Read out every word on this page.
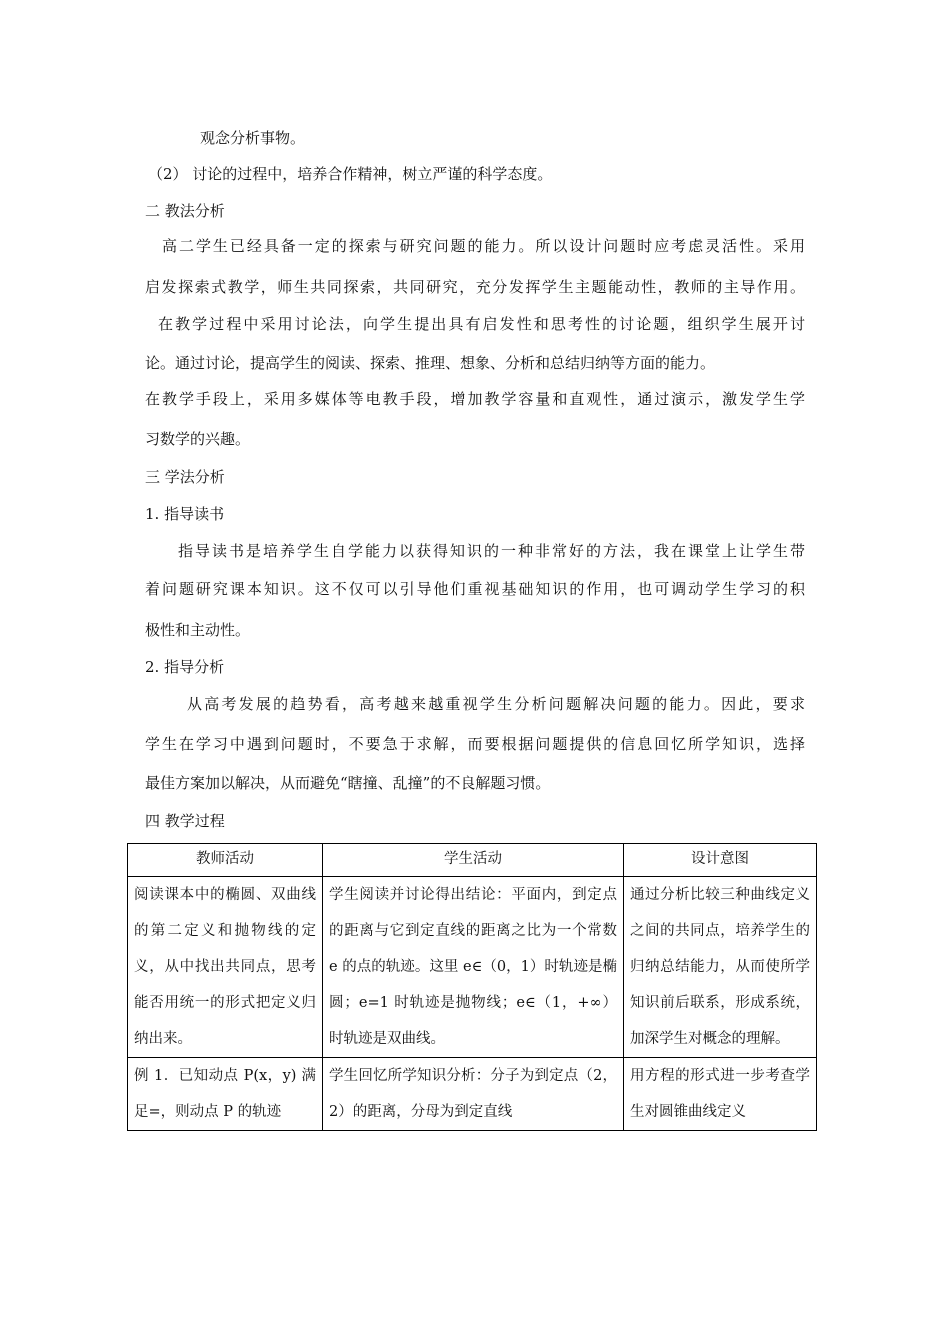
观念分析事物。
（2） 讨论的过程中，培养合作精神，树立严谨的科学态度。
二 教法分析
高二学生已经具备一定的探索与研究问题的能力。所以设计问题时应考虑灵活性。采用
启发探索式教学，师生共同探索，共同研究，充分发挥学生主题能动性，教师的主导作用。
在教学过程中采用讨论法，向学生提出具有启发性和思考性的讨论题，组织学生展开讨
论。通过讨论，提高学生的阅读、探索、推理、想象、分析和总结归纳等方面的能力。
在教学手段上，采用多媒体等电教手段，增加教学容量和直观性，通过演示，激发学生学
习数学的兴趣。
三 学法分析
1. 指导读书
指导读书是培养学生自学能力以获得知识的一种非常好的方法，我在课堂上让学生带
着问题研究课本知识。这不仅可以引导他们重视基础知识的作用，也可调动学生学习的积
极性和主动性。
2. 指导分析
从高考发展的趋势看，高考越来越重视学生分析问题解决问题的能力。因此，要求
学生在学习中遇到问题时，不要急于求解，而要根据问题提供的信息回忆所学知识，选择
最佳方案加以解决，从而避免“瞎撞、乱撞”的不良解题习惯。
四 教学过程
教师活动	学生活动	设计意图

阅读课本中的椭圆、双曲线的第二定义和抛物线的定义，从中找出共同点，思考能否用统一的形式把定义归纳出来。	学生阅读并讨论得出结论：平面内，到定点的距离与它到定直线的距离之比为一个常数 e 的点的轨迹。这里 e∈（0，1）时轨迹是椭圆；e=1 时轨迹是抛物线；e∈（1，+∞）时轨迹是双曲线。	通过分析比较三种曲线定义之间的共同点，培养学生的归纳总结能力，从而使所学知识前后联系，形成系统，加深学生对概念的理解。

例 1．已知动点 P(x，y) 满足=，则动点 P 的轨迹	学生回忆所学知识分析：分子为到定点（2，2）的距离，分母为到定直线	用方程的形式进一步考查学生对圆锥曲线定义
